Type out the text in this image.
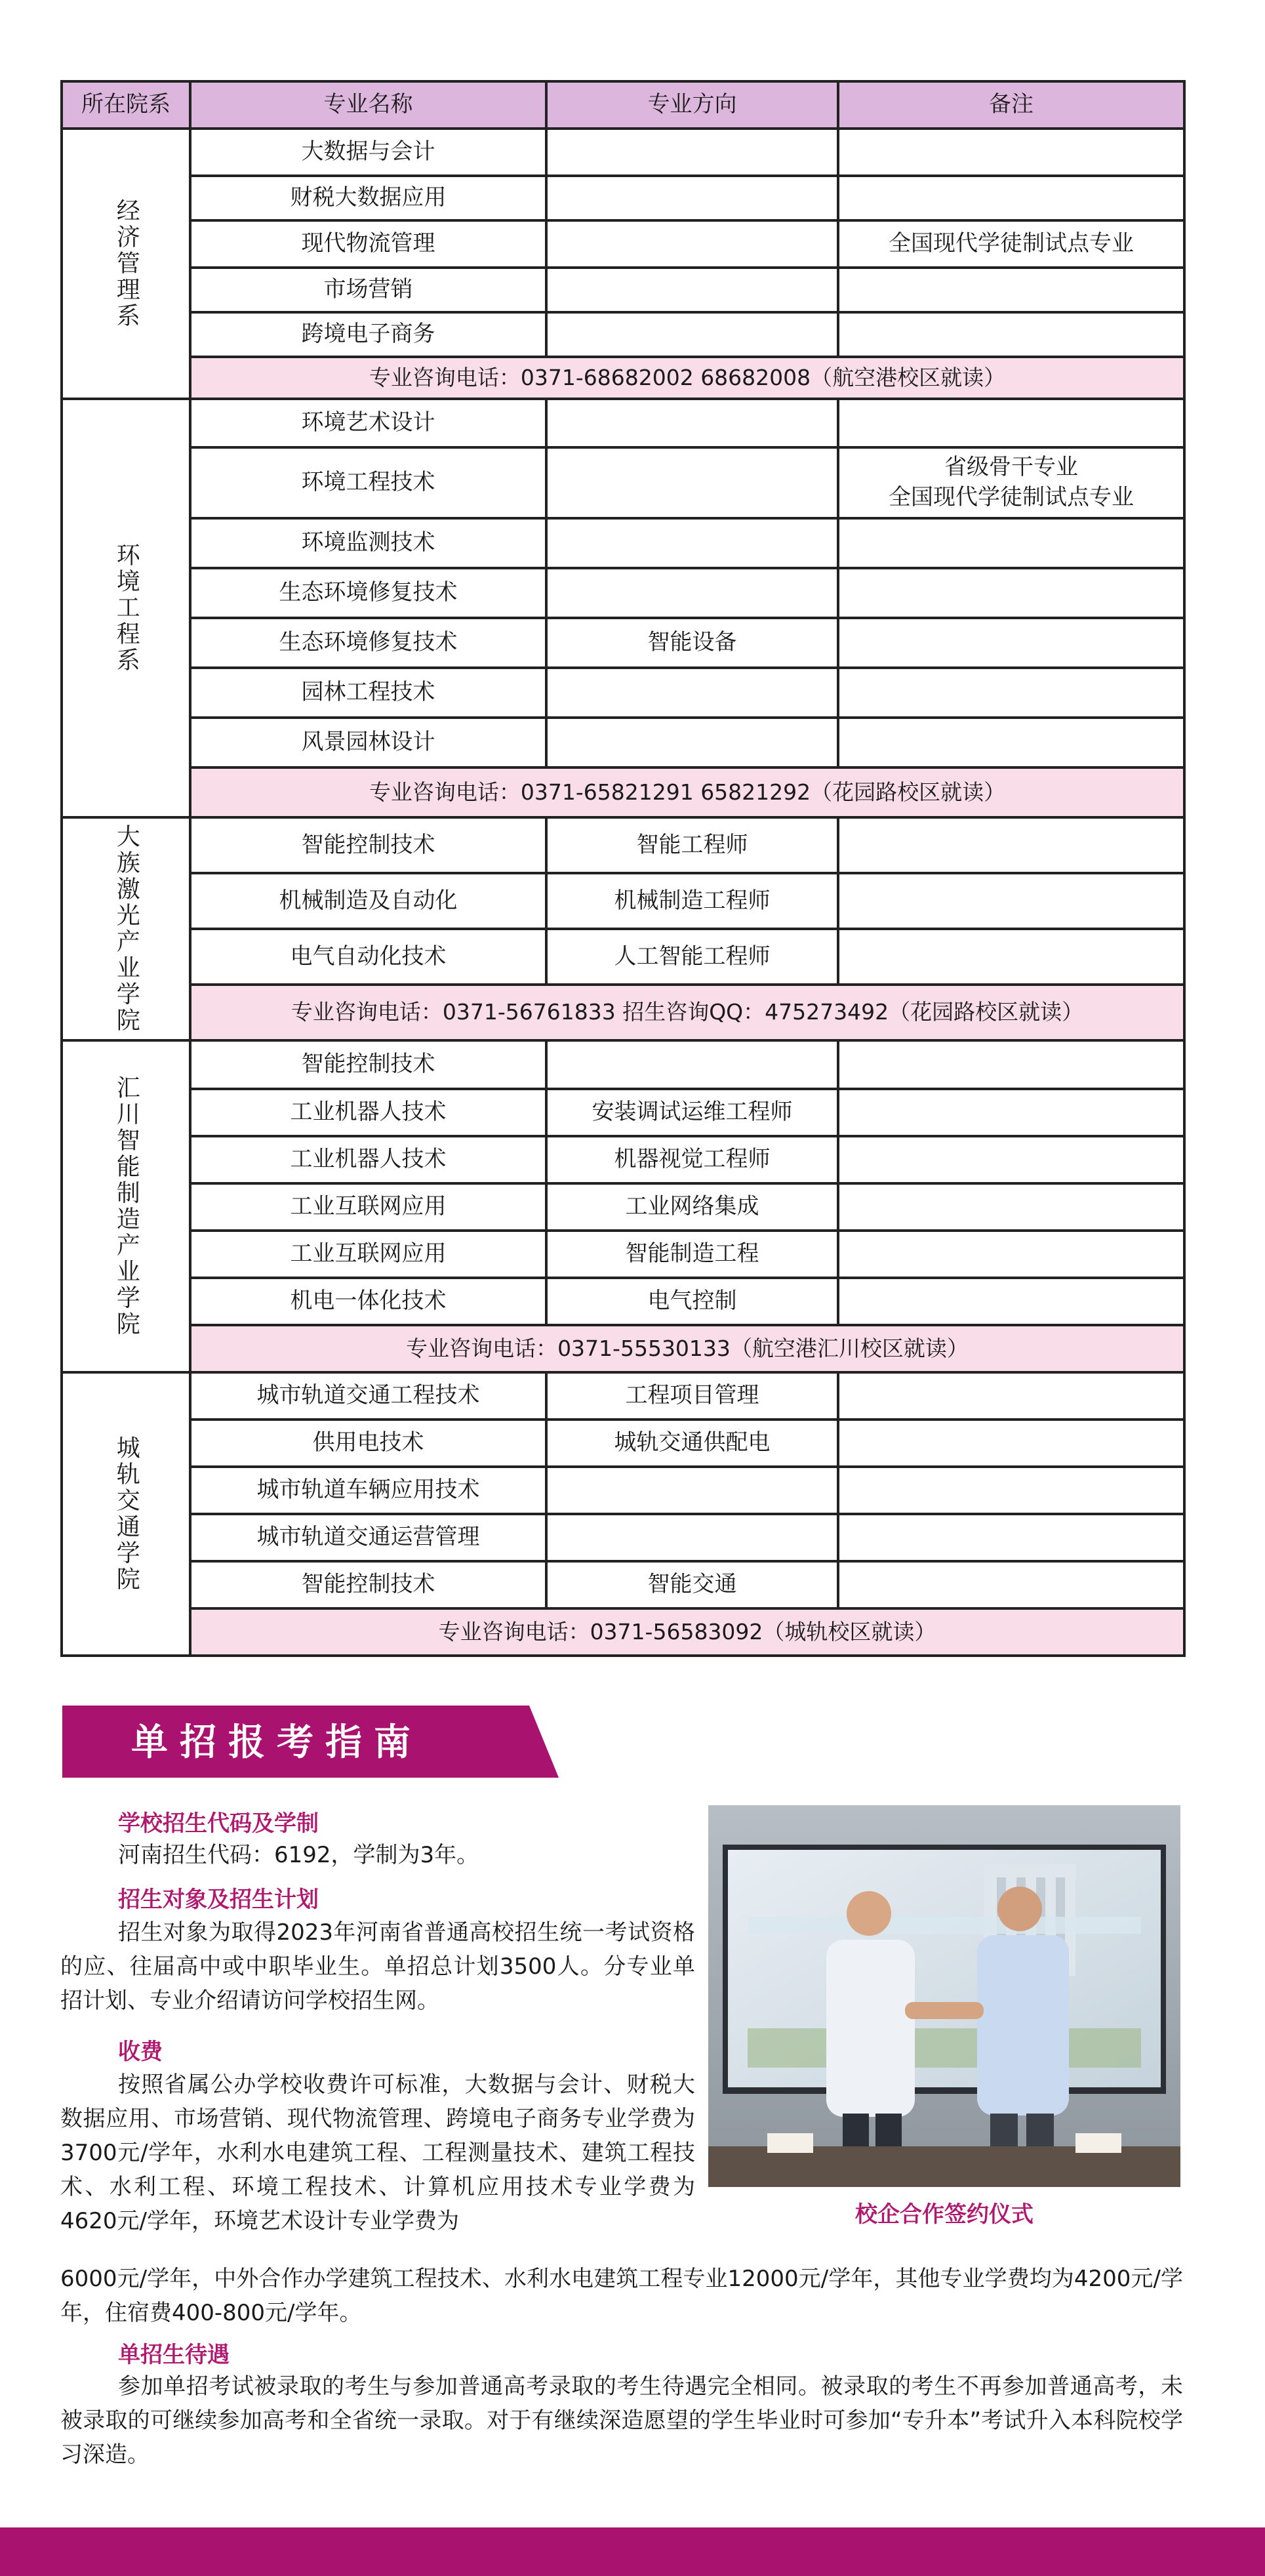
所在院系	专业名称	专业方向	备注
经济管理系	大数据与会计		
	财税大数据应用		
	现代物流管理		全国现代学徒制试点专业

	市场营销		
	跨境电子商务		
	专业咨询电话：0371-68682002 68682008（航空港校区就读）		
环境工程系	环境艺术设计		
	环境工程技术		省级骨干专业
全国现代学徒制试点专业

	环境监测技术		
	生态环境修复技术		
	生态环境修复技术	智能设备	
	园林工程技术		
	风景园林设计		
	专业咨询电话：0371-65821291 65821292（花园路校区就读）		
大族激光产业学院	智能控制技术	智能工程师	
	机械制造及自动化	机械制造工程师	
	电气自动化技术	人工智能工程师	
	专业咨询电话：0371-56761833 招生咨询QQ：475273492（花园路校区就读）		
汇川智能制造产业学院	智能控制技术		
	工业机器人技术	安装调试运维工程师	
	工业机器人技术	机器视觉工程师	
	工业互联网应用	工业网络集成	
	工业互联网应用	智能制造工程	
	机电一体化技术	电气控制	
	专业咨询电话：0371-55530133（航空港汇川校区就读）		
城轨交通学院	城市轨道交通工程技术	工程项目管理	
	供用电技术	城轨交通供配电	
	城市轨道车辆应用技术		
	城市轨道交通运营管理		
	智能控制技术	智能交通	
	专业咨询电话：0371-56583092（城轨校区就读）		
单招报考指南
学校招生代码及学制
河南招生代码：6192，学制为3年。
招生对象及招生计划
招生对象为取得2023年河南省普通高校招生统一考试资格的应、往届高中或中职毕业生。单招总计划3500人。分专业单招计划、专业介绍请访问学校招生网。
收费
按照省属公办学校收费许可标准，大数据与会计、财税大数据应用、市场营销、现代物流管理、跨境电子商务专业学费为3700元/学年，水利水电建筑工程、工程测量技术、建筑工程技术、水利工程、环境工程技术、计算机应用技术专业学费为4620元/学年，环境艺术设计专业学费为
6000元/学年，中外合作办学建筑工程技术、水利水电建筑工程专业12000元/学年，其他专业学费均为4200元/学年，住宿费400-800元/学年。
单招生待遇
参加单招考试被录取的考生与参加普通高考录取的考生待遇完全相同。被录取的考生不再参加普通高考，未被录取的可继续参加高考和全省统一录取。对于有继续深造愿望的学生毕业时可参加“专升本”考试升入本科院校学习深造。
校企合作签约仪式
